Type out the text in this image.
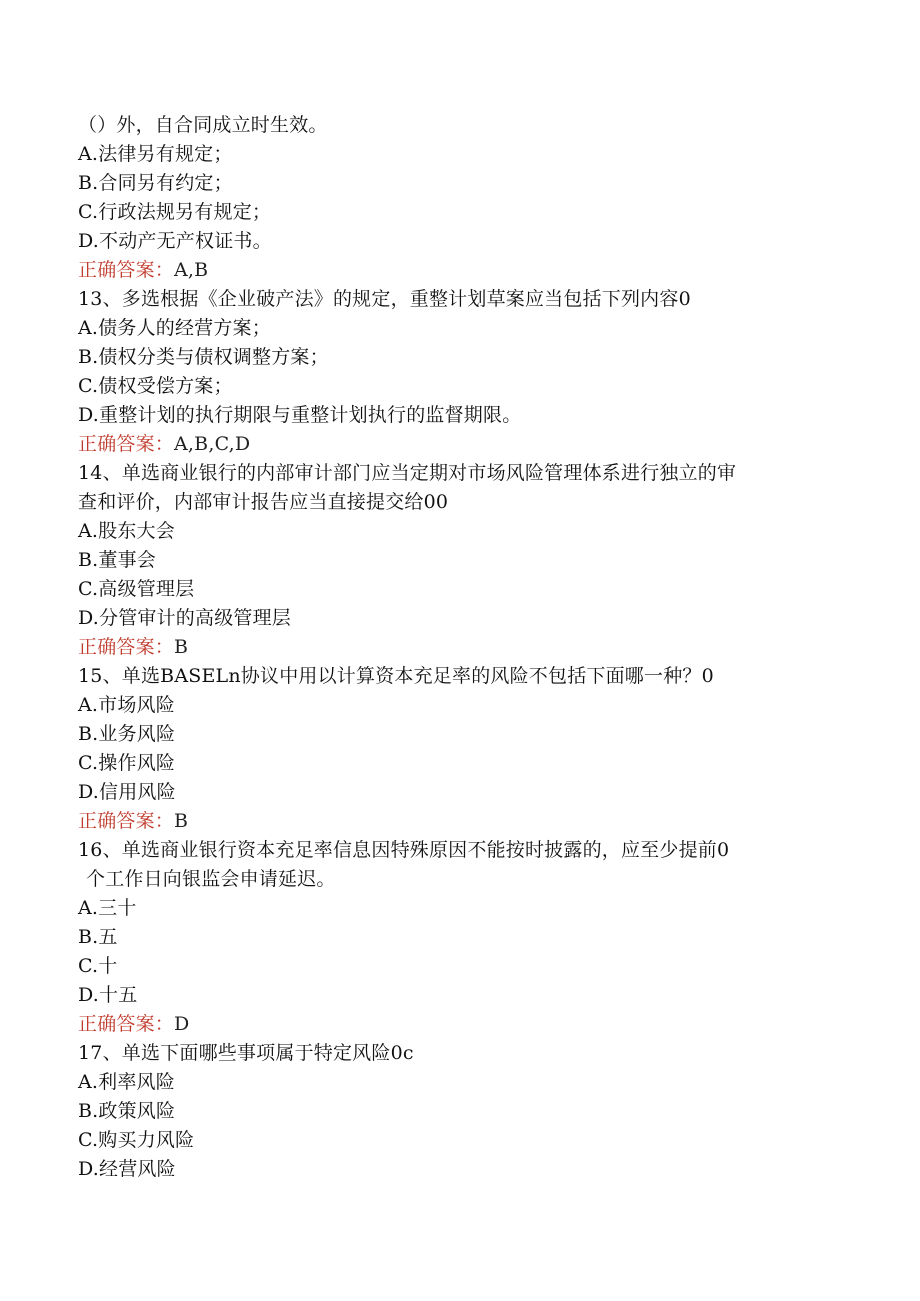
（）外，自合同成立时生效。
A.法律另有规定；
B.合同另有约定；
C.行政法规另有规定；
D.不动产无产权证书。
正确答案：A,B
13、多选根据《企业破产法》的规定，重整计划草案应当包括下列内容0
A.债务人的经营方案；
B.债权分类与债权调整方案；
C.债权受偿方案；
D.重整计划的执行期限与重整计划执行的监督期限。
正确答案：A,B,C,D
14、单选商业银行的内部审计部门应当定期对市场风险管理体系进行独立的审
查和评价，内部审计报告应当直接提交给00
A.股东大会
B.董事会
C.高级管理层
D.分管审计的高级管理层
正确答案：B
15、单选BASELn协议中用以计算资本充足率的风险不包括下面哪一种？0
A.市场风险
B.业务风险
C.操作风险
D.信用风险
正确答案：B
16、单选商业银行资本充足率信息因特殊原因不能按时披露的，应至少提前0
个工作日向银监会申请延迟。
A.三十
B.五
C.十
D.十五
正确答案：D
17、单选下面哪些事项属于特定风险0c
A.利率风险
B.政策风险
C.购买力风险
D.经营风险
